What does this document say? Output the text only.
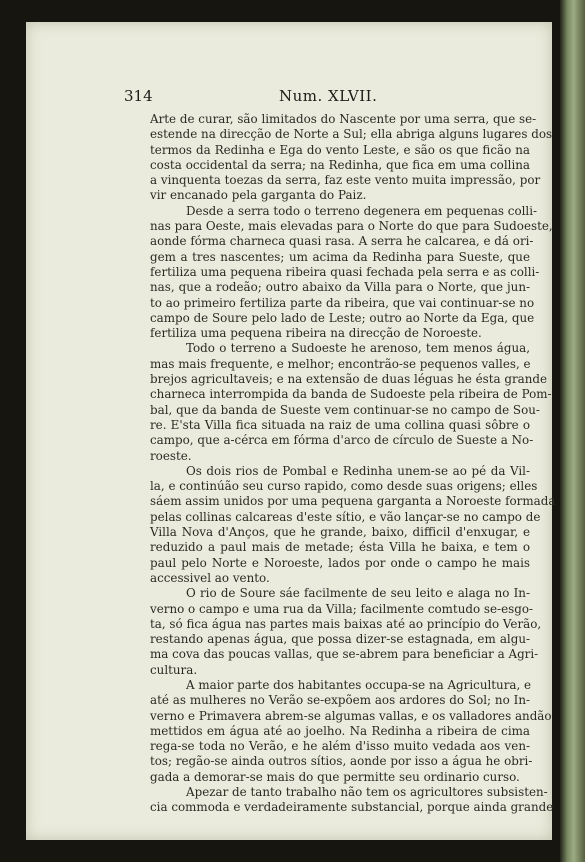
314	Num. XLVII.
Arte de curar, são limitados do Nascente por uma serra, que se-
estende na direcção de Norte a Sul; ella abriga alguns lugares dos
termos da Redinha e Ega do vento Leste, e são os que ficão na
costa occidental da serra; na Redinha, que fica em uma collina
a vinquenta toezas da serra, faz este vento muita impressão, por
vir encanado pela garganta do Paiz.
Desde a serra todo o terreno degenera em pequenas colli-
nas para Oeste, mais elevadas para o Norte do que para Sudoeste,
aonde fórma charneca quasi rasa. A serra he calcarea, e dá ori-
gem a tres nascentes; um acima da Redinha para Sueste, que
fertiliza uma pequena ribeira quasi fechada pela serra e as colli-
nas, que a rodeão; outro abaixo da Villa para o Norte, que jun-
to ao primeiro fertiliza parte da ribeira, que vai continuar-se no
campo de Soure pelo lado de Leste; outro ao Norte da Ega, que
fertiliza uma pequena ribeira na direcção de Noroeste.
Todo o terreno a Sudoeste he arenoso, tem menos água,
mas mais frequente, e melhor; encontrão-se pequenos valles, e
brejos agricultaveis; e na extensão de duas léguas he ésta grande
charneca interrompida da banda de Sudoeste pela ribeira de Pom-
bal, que da banda de Sueste vem continuar-se no campo de Sou-
re. E'sta Villa fica situada na raiz de uma collina quasi sôbre o
campo, que a-cérca em fórma d'arco de círculo de Sueste a No-
roeste.
Os dois rios de Pombal e Redinha unem-se ao pé da Vil-
la, e continúão seu curso rapido, como desde suas origens; elles
sáem assim unidos por uma pequena garganta a Noroeste formada
pelas collinas calcareas d'este sítio, e vão lançar-se no campo de
Villa Nova d'Anços, que he grande, baixo, difficil d'enxugar, e
reduzido a paul mais de metade; ésta Villa he baixa, e tem o
paul pelo Norte e Noroeste, lados por onde o campo he mais
accessivel ao vento.
O rio de Soure sáe facilmente de seu leito e alaga no In-
verno o campo e uma rua da Villa; facilmente comtudo se-esgo-
ta, só fica água nas partes mais baixas até ao princípio do Verão,
restando apenas água, que possa dizer-se estagnada, em algu-
ma cova das poucas vallas, que se-abrem para beneficiar a Agri-
cultura.
A maior parte dos habitantes occupa-se na Agricultura, e
até as mulheres no Verão se-expõem aos ardores do Sol; no In-
verno e Primavera abrem-se algumas vallas, e os valladores andão
mettidos em água até ao joelho. Na Redinha a ribeira de cima
rega-se toda no Verão, e he além d'isso muito vedada aos ven-
tos; regão-se ainda outros sítios, aonde por isso a água he obri-
gada a demorar-se mais do que permitte seu ordinario curso.
Apezar de tanto trabalho não tem os agricultores subsisten-
cia commoda e verdadeiramente substancial, porque ainda grande
